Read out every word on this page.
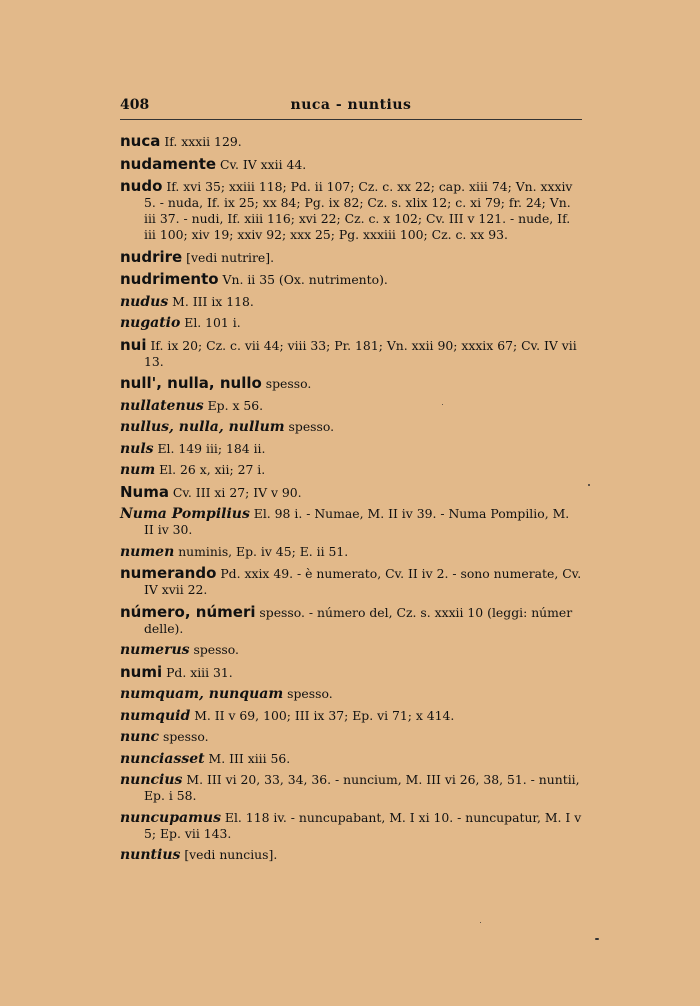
408	nuca - nuntius

nuca If. xxxii 129.

nudamente Cv. IV xxii 44.

nudo If. xvi 35; xxiii 118; Pd. ii 107; Cz. c. xx 22; cap. xiii 74; Vn. xxxiv 5. - nuda, If. ix 25; xx 84; Pg. ix 82; Cz. s. xlix 12; c. xi 79; fr. 24; Vn. iii 37. - nudi, If. xiii 116; xvi 22; Cz. c. x 102; Cv. III v 121. - nude, If. iii 100; xiv 19; xxiv 92; xxx 25; Pg. xxxiii 100; Cz. c. xx 93.

nudrire [vedi nutrire].

nudrimento Vn. ii 35 (Ox. nutrimento).

nudus M. III ix 118.

nugatio El. 101 i.

nui If. ix 20; Cz. c. vii 44; viii 33; Pr. 181; Vn. xxii 90; xxxix 67; Cv. IV vii 13.

null', nulla, nullo spesso.

nullatenus Ep. x 56.

nullus, nulla, nullum spesso.

nuls El. 149 iii; 184 ii.

num El. 26 x, xii; 27 i.

Numa Cv. III xi 27; IV v 90.

Numa Pompilius El. 98 i. - Numae, M. II iv 39. - Numa Pompilio, M. II iv 30.

numen numinis, Ep. iv 45; E. ii 51.

numerando Pd. xxix 49. - è numerato, Cv. II iv 2. - sono numerate, Cv. IV xvii 22.

número, númeri spesso. - número del, Cz. s. xxxii 10 (leggi: númer delle).

numerus spesso.

numi Pd. xiii 31.

numquam, nunquam spesso.

numquid M. II v 69, 100; III ix 37; Ep. vi 71; x 414.

nunc spesso.

nunciasset M. III xiii 56.

nuncius M. III vi 20, 33, 34, 36. - nuncium, M. III vi 26, 38, 51. - nuntii, Ep. i 58.

nuncupamus El. 118 iv. - nuncupabant, M. I xi 10. - nuncupatur, M. I v 5; Ep. vii 143.

nuntius [vedi nuncius].
